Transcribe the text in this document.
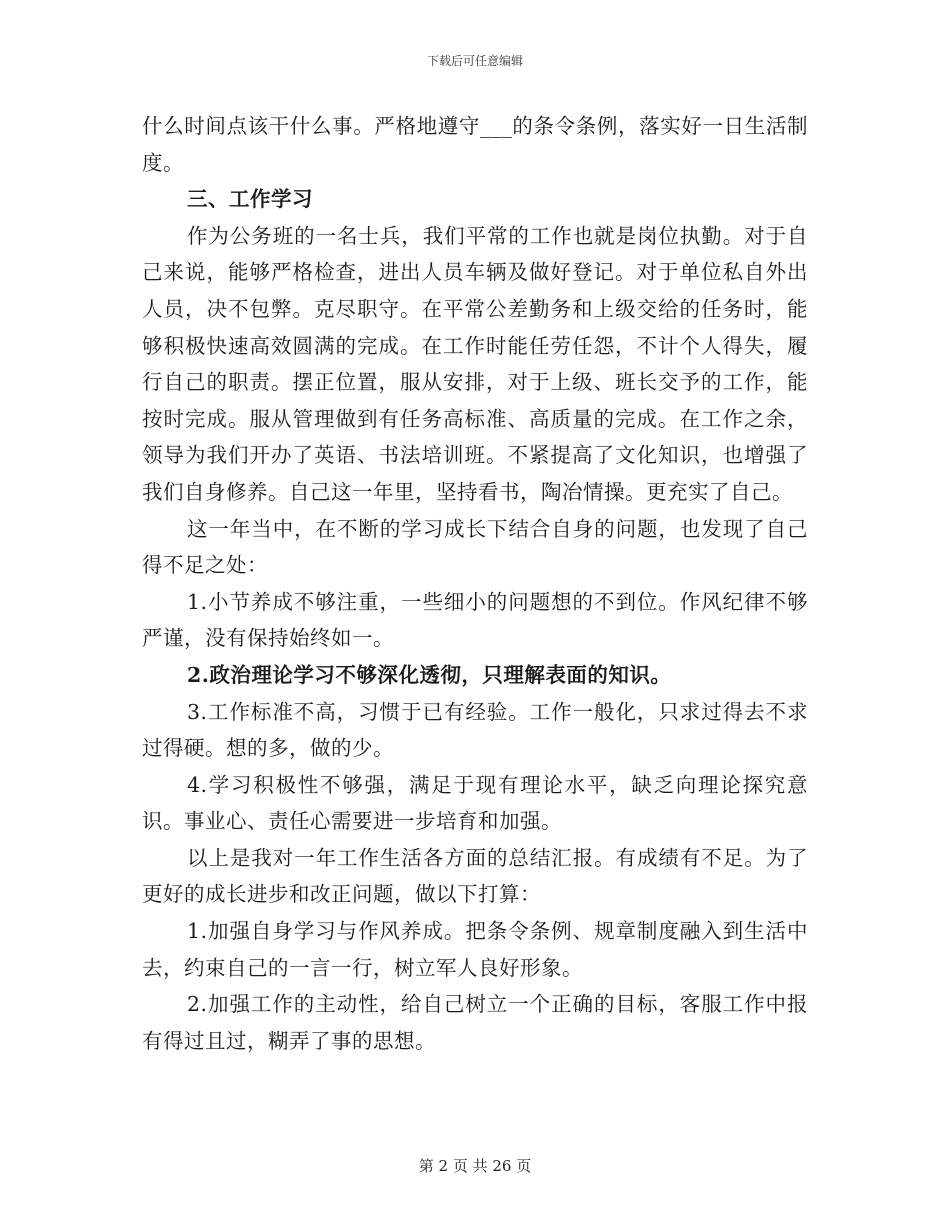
下载后可任意编辑

什么时间点该干什么事。严格地遵守___的条令条例，落实好一日生活制度。

三、工作学习

作为公务班的一名士兵，我们平常的工作也就是岗位执勤。对于自己来说，能够严格检查，进出人员车辆及做好登记。对于单位私自外出人员，决不包弊。克尽职守。在平常公差勤务和上级交给的任务时，能够积极快速高效圆满的完成。在工作时能任劳任怨，不计个人得失，履行自己的职责。摆正位置，服从安排，对于上级、班长交予的工作，能按时完成。服从管理做到有任务高标准、高质量的完成。在工作之余，领导为我们开办了英语、书法培训班。不紧提高了文化知识，也增强了我们自身修养。自己这一年里，坚持看书，陶冶情操。更充实了自己。

这一年当中，在不断的学习成长下结合自身的问题，也发现了自己得不足之处：

1.小节养成不够注重，一些细小的问题想的不到位。作风纪律不够严谨，没有保持始终如一。

2.政治理论学习不够深化透彻，只理解表面的知识。

3.工作标准不高，习惯于已有经验。工作一般化，只求过得去不求过得硬。想的多，做的少。

4.学习积极性不够强，满足于现有理论水平，缺乏向理论探究意识。事业心、责任心需要进一步培育和加强。

以上是我对一年工作生活各方面的总结汇报。有成绩有不足。为了更好的成长进步和改正问题，做以下打算：

1.加强自身学习与作风养成。把条令条例、规章制度融入到生活中去，约束自己的一言一行，树立军人良好形象。

2.加强工作的主动性，给自己树立一个正确的目标，客服工作中报有得过且过，糊弄了事的思想。

第 2 页 共 26 页
